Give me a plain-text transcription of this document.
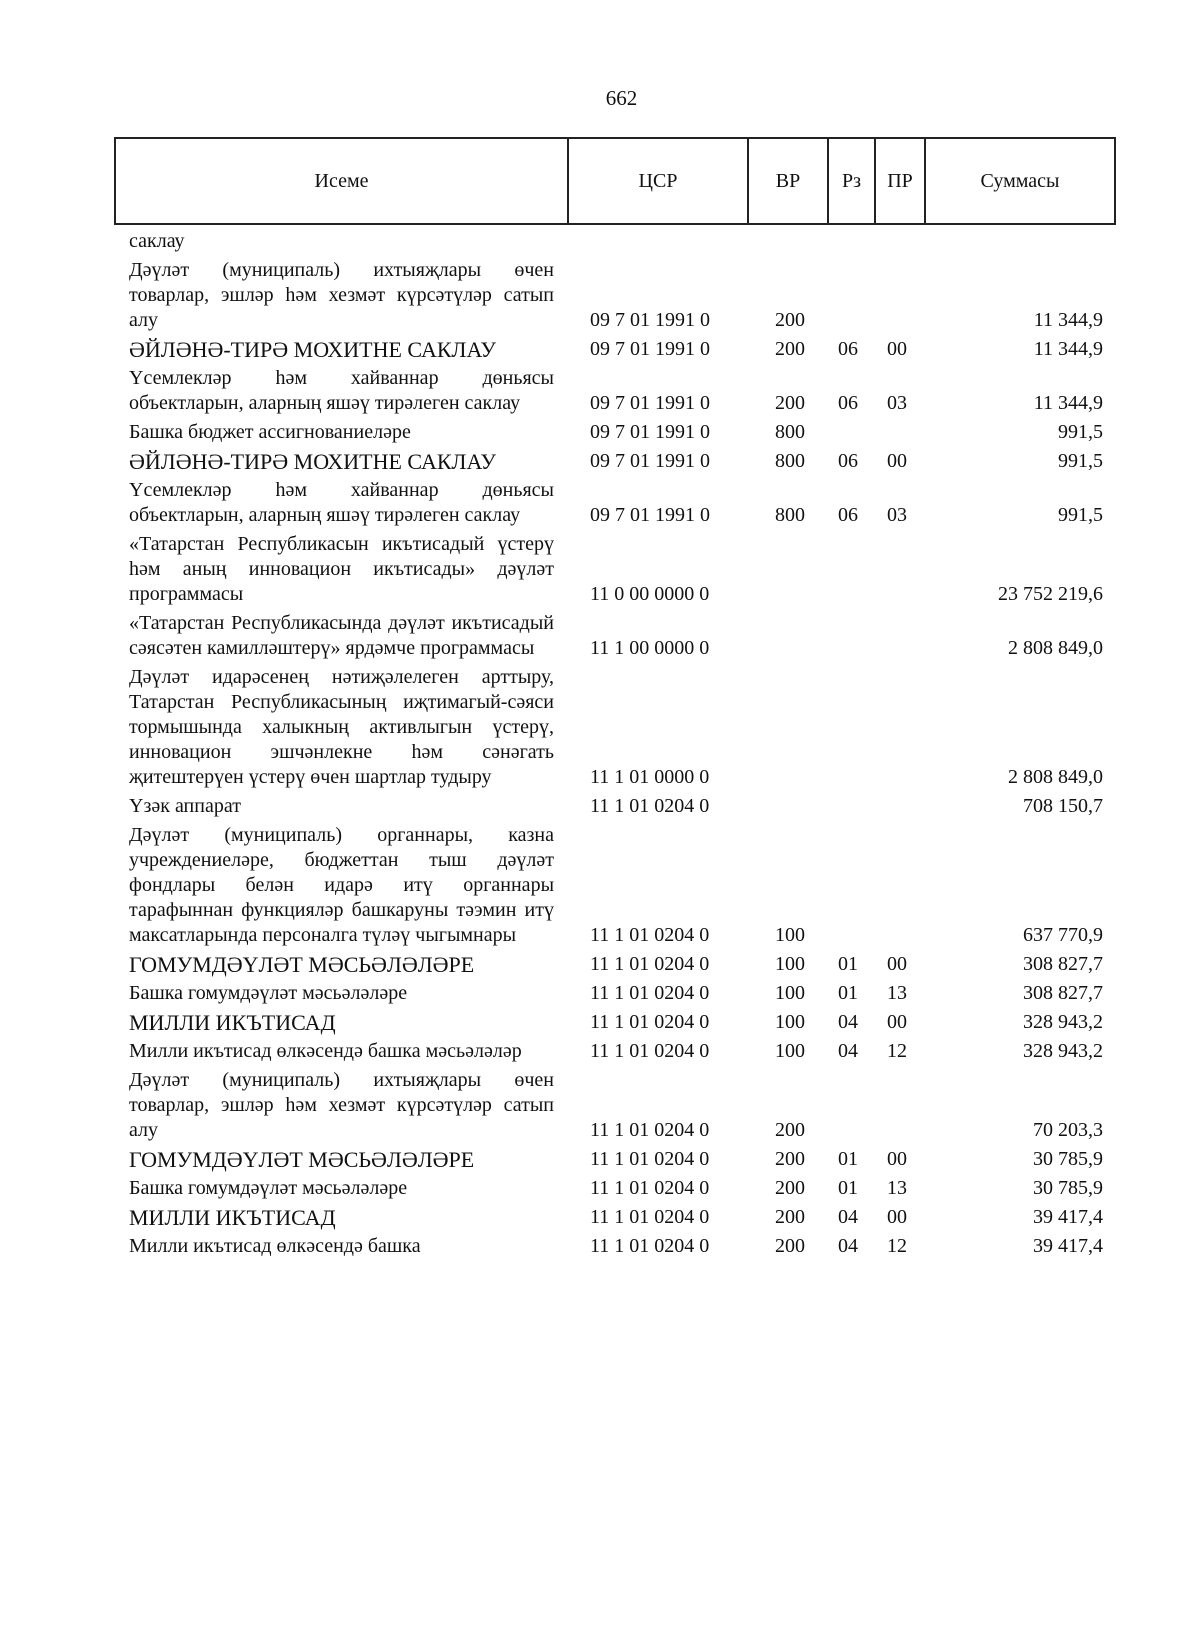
662
Исеме	ЦСР	ВР	Рз	ПР	Суммасы
саклау					
Дәүләт (муниципаль) ихтыяҗлары өчен товарлар, эшләр һәм хезмәт күрсәтүләр сатып алу	09 7 01 1991 0	200			11 344,9
ӘЙЛӘНӘ-ТИРӘ МОХИТНЕ САКЛАУ	09 7 01 1991 0	200	06	00	11 344,9
Үсемлекләр һәм хайваннар дөньясы объектларын, аларның яшәү тирәлеген саклау	09 7 01 1991 0	200	06	03	11 344,9
Башка бюджет ассигнованиеләре	09 7 01 1991 0	800			991,5
ӘЙЛӘНӘ-ТИРӘ МОХИТНЕ САКЛАУ	09 7 01 1991 0	800	06	00	991,5
Үсемлекләр һәм хайваннар дөньясы объектларын, аларның яшәү тирәлеген саклау	09 7 01 1991 0	800	06	03	991,5
«Татарстан Республикасын икътисадый үстерү һәм аның инновацион икътисады» дәүләт программасы	11 0 00 0000 0				23 752 219,6
«Татарстан Республикасында дәүләт икътисадый сәясәтен камилләштерү» ярдәмче программасы	11 1 00 0000 0				2 808 849,0
Дәүләт идарәсенең нәтиҗәлелеген арттыру, Татарстан Республикасының иҗтимагый-сәяси тормышында халыкның активлыгын үстерү, инновацион эшчәнлекне һәм сәнәгать җитештерүен үстерү өчен шартлар тудыру	11 1 01 0000 0				2 808 849,0
Үзәк аппарат	11 1 01 0204 0				708 150,7
Дәүләт (муниципаль) органнары, казна учреждениеләре, бюджеттан тыш дәүләт фондлары белән идарә итү органнары тарафыннан функцияләр башкаруны тәэмин итү максатларында персоналга түләү чыгымнары	11 1 01 0204 0	100			637 770,9
ГОМУМДӘҮЛӘТ МӘСЬӘЛӘЛӘРЕ	11 1 01 0204 0	100	01	00	308 827,7
Башка гомумдәүләт мәсьәләләре	11 1 01 0204 0	100	01	13	308 827,7
МИЛЛИ ИКЪТИСАД	11 1 01 0204 0	100	04	00	328 943,2
Милли икътисад өлкәсендә башка мәсьәләләр	11 1 01 0204 0	100	04	12	328 943,2
Дәүләт (муниципаль) ихтыяҗлары өчен товарлар, эшләр һәм хезмәт күрсәтүләр сатып алу	11 1 01 0204 0	200			70 203,3
ГОМУМДӘҮЛӘТ МӘСЬӘЛӘЛӘРЕ	11 1 01 0204 0	200	01	00	30 785,9
Башка гомумдәүләт мәсьәләләре	11 1 01 0204 0	200	01	13	30 785,9
МИЛЛИ ИКЪТИСАД	11 1 01 0204 0	200	04	00	39 417,4
Милли икътисад өлкәсендә башка	11 1 01 0204 0	200	04	12	39 417,4
